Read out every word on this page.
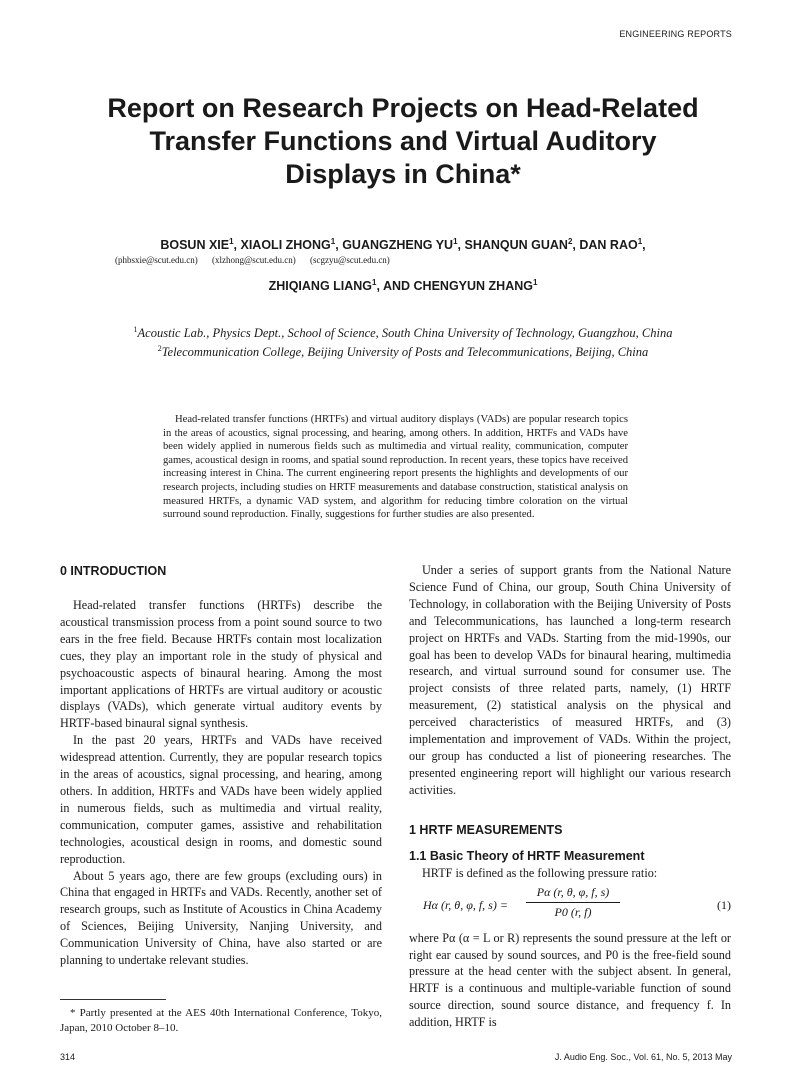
ENGINEERING REPORTS
Report on Research Projects on Head-Related
Transfer Functions and Virtual Auditory
Displays in China*
BOSUN XIE$^1$, XIAOLI ZHONG$^1$, GUANGZHENG $YU^1$, SHANQUN GUAN$^2$, DAN RAO$^1$,
(phbsxie@scut.edu.cn) (xlzhong@scut.edu.cn) (scgzyu@scut.edu.cn)
ZHIQIANG LIANG$^1$, AND CHENGYUN ZHANG$^1$
$^1$Acoustic Lab., Physics Dept., School of Science, South China University of Technology, Guangzhou, China
$^2$Telecommunication College, Beijing University of Posts and Telecommunications, Beijing, China
Head-related transfer functions (HRTFs) and virtual auditory displays (VADs) are popular research topics in the areas of acoustics, signal processing, and hearing, among others. In addition, HRTFs and VADs have been widely applied in numerous fields such as multimedia and virtual reality, communication, computer games, acoustical design in rooms, and spatial sound reproduction. In recent years, these topics have received increasing interest in China. The current engineering report presents the highlights and developments of our research projects, including studies on HRTF measurements and database construction, statistical analysis on measured HRTFs, a dynamic VAD system, and algorithm for reducing timbre coloration on the virtual surround sound reproduction. Finally, suggestions for further studies are also presented.
0 INTRODUCTION

Head-related transfer functions (HRTFs) describe the acoustical transmission process from a point sound source to two ears in the free field. Because HRTFs contain most localization cues, they play an important role in the study of physical and psychoacoustic aspects of binaural hearing. Among the most important applications of HRTFs are virtual auditory or acoustic displays (VADs), which generate virtual auditory events by HRTF-based binaural signal synthesis.

In the past 20 years, HRTFs and VADs have received widespread attention. Currently, they are popular research topics in the areas of acoustics, signal processing, and hearing, among others. In addition, HRTFs and VADs have been widely applied in numerous fields, such as multimedia and virtual reality, communication, computer games, assistive and rehabilitation technologies, acoustical design in rooms, and domestic sound reproduction.

About 5 years ago, there are few groups (excluding ours) in China that engaged in HRTFs and VADs. Recently, another set of research groups, such as Institute of Acoustics in China Academy of Sciences, Beijing University, Nanjing University, and Communication University of China, have also started or are planning to undertake relevant studies.

Under a series of support grants from the National Nature Science Fund of China, our group, South China University of Technology, in collaboration with the Beijing University of Posts and Telecommunications, has launched a long-term research project on HRTFs and VADs. Starting from the mid-1990s, our goal has been to develop VADs for binaural hearing, multimedia research, and virtual surround sound for consumer use. The project consists of three related parts, namely, (1) HRTF measurement, (2) statistical analysis on the physical and perceived characteristics of measured HRTFs, and (3) implementation and improvement of VADs. Within the project, our group has conducted a list of pioneering researches. The presented engineering report will highlight our various research activities.

1 HRTF MEASUREMENTS
1.1 Basic Theory of HRTF Measurement

HRTF is defined as the following pressure ratio:

Hα (r, θ, φ, f, $s) = \frac{P\alpha (r, \theta, \varphi, f, s)}{P0 (r, f)}$	(1)

where Pα (α = L or R) represents the sound pressure at the left or right ear caused by sound sources, and P0 is the free-field sound pressure at the head center with the subject absent. In general, HRTF is a continuous and multiple-variable function of sound source direction, sound source distance, and frequency f. In addition, HRTF is

* Partly presented at the AES 40th International Conference, Tokyo, Japan, 2010 October 8–10.
314	J. Audio Eng. Soc., Vol. 61, No. 5, 2013 May
